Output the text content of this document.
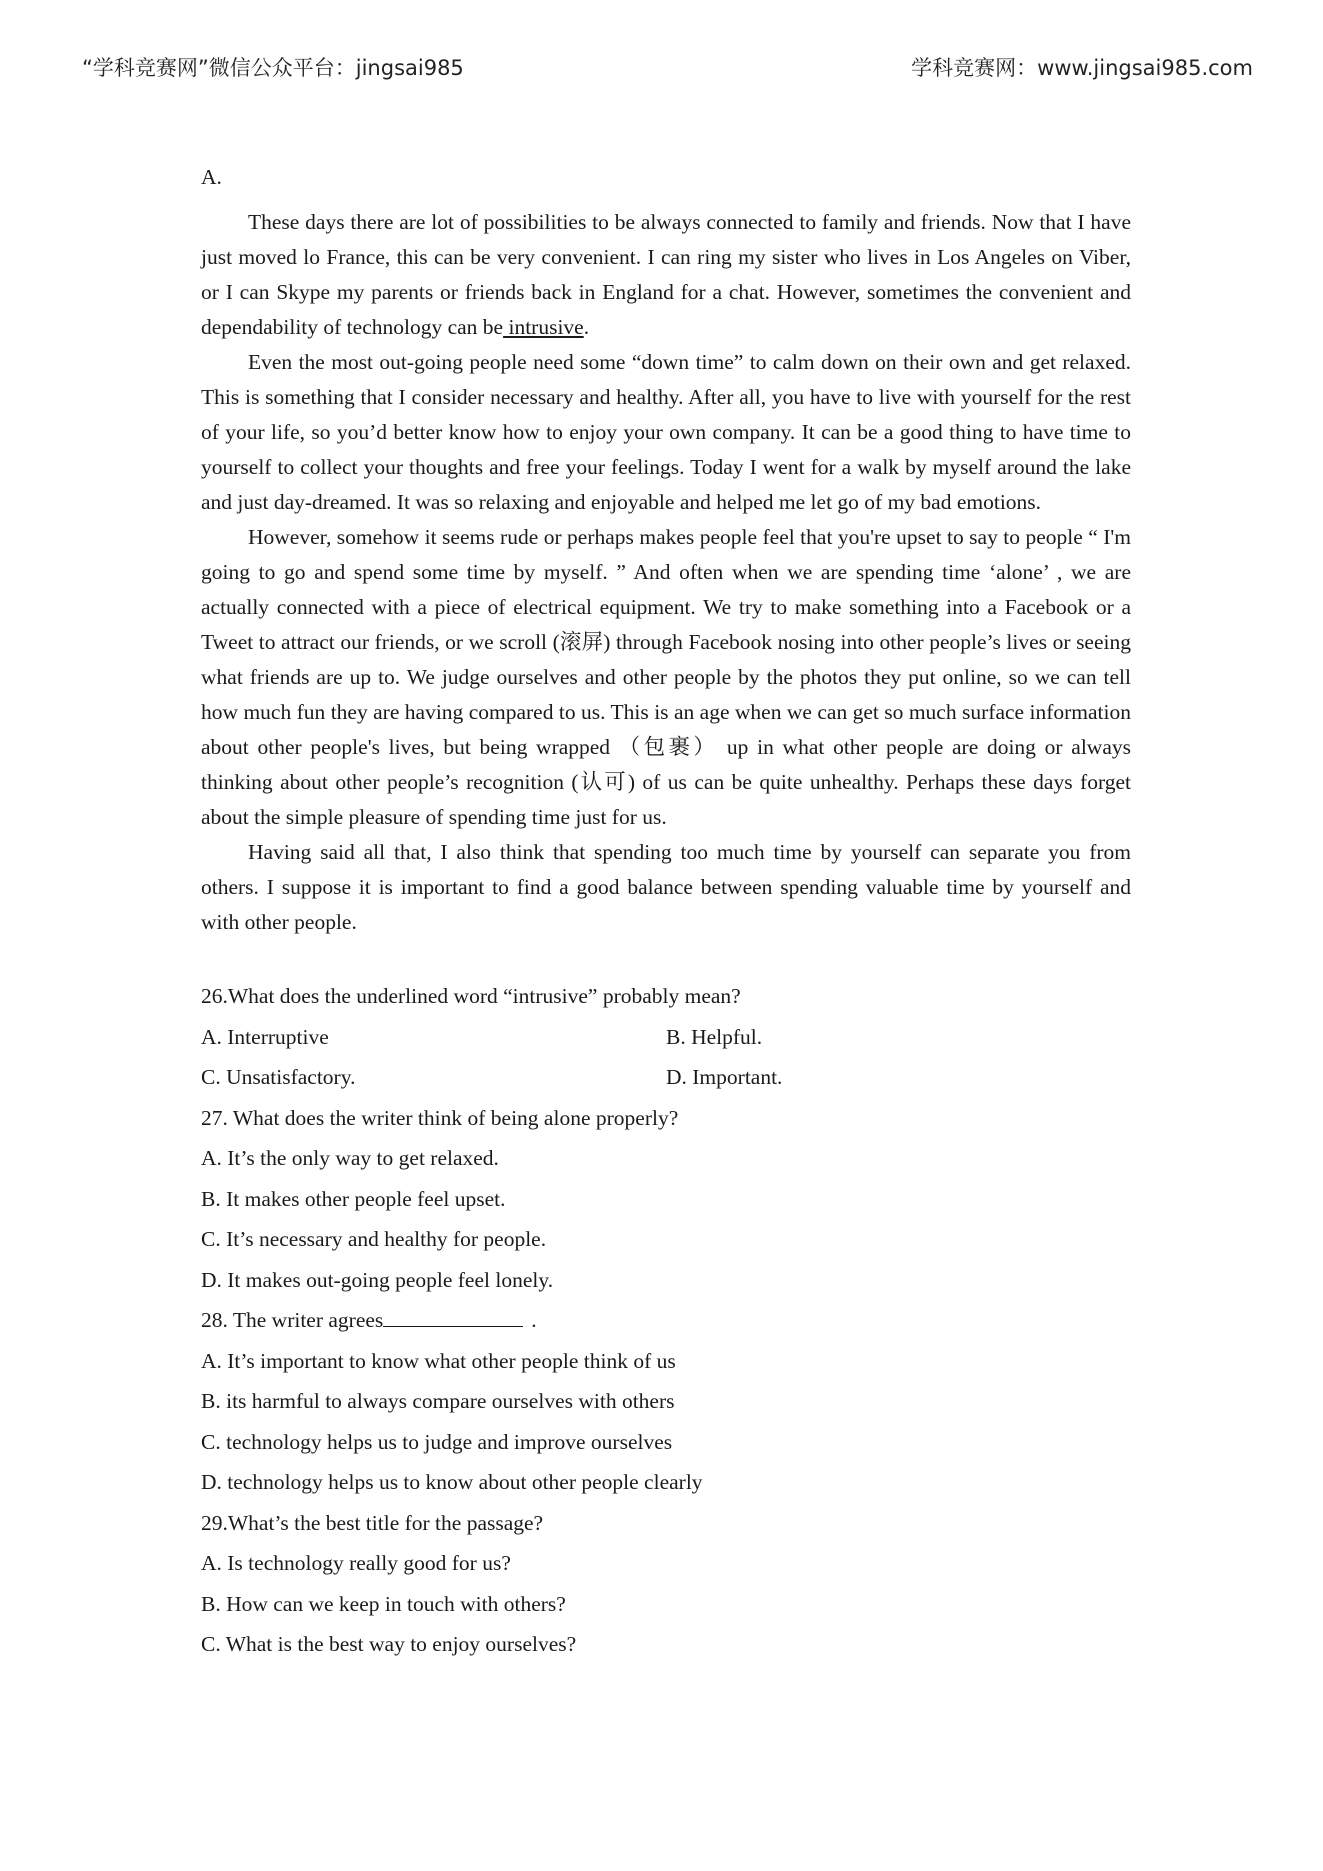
“学科竞赛网”微信公众平台：jingsai985	学科竞赛网：www.jingsai985.com

A.

These days there are lot of possibilities to be always connected to family and friends. Now that I have just moved lo France, this can be very convenient. I can ring my sister who lives in Los Angeles on Viber, or I can Skype my parents or friends back in England for a chat. However, sometimes the convenient and dependability of technology can be intrusive.

Even the most out-going people need some “down time” to calm down on their own and get relaxed. This is something that I consider necessary and healthy. After all, you have to live with yourself for the rest of your life, so you’d better know how to enjoy your own company. It can be a good thing to have time to yourself to collect your thoughts and free your feelings. Today I went for a walk by myself around the lake and just day-dreamed. It was so relaxing and enjoyable and helped me let go of my bad emotions.

However, somehow it seems rude or perhaps makes people feel that you're upset to say to people “ I'm going to go and spend some time by myself. ” And often when we are spending time ‘alone’ , we are actually connected with a piece of electrical equipment. We try to make something into a Facebook or a Tweet to attract our friends, or we scroll (滚屏) through Facebook nosing into other people’s lives or seeing what friends are up to. We judge ourselves and other people by the photos they put online, so we can tell how much fun they are having compared to us. This is an age when we can get so much surface information about other people's lives, but being wrapped （包裹） up in what other people are doing or always thinking about other people’s recognition (认可) of us can be quite unhealthy. Perhaps these days forget about the simple pleasure of spending time just for us.

Having said all that, I also think that spending too much time by yourself can separate you from others. I suppose it is important to find a good balance between spending valuable time by yourself and with other people.

26.What does the underlined word “intrusive” probably mean?

A. Interruptive	B. Helpful.

C. Unsatisfactory.	D. Important.

27. What does the writer think of being alone properly?

A. It’s the only way to get relaxed.

B. It makes other people feel upset.

C. It’s necessary and healthy for people.

D. It makes out-going people feel lonely.

28. The writer agrees	.

A. It’s important to know what other people think of us

B. its harmful to always compare ourselves with others

C. technology helps us to judge and improve ourselves

D. technology helps us to know about other people clearly

29.What’s the best title for the passage?

A. Is technology really good for us?

B. How can we keep in touch with others?

C. What is the best way to enjoy ourselves?
